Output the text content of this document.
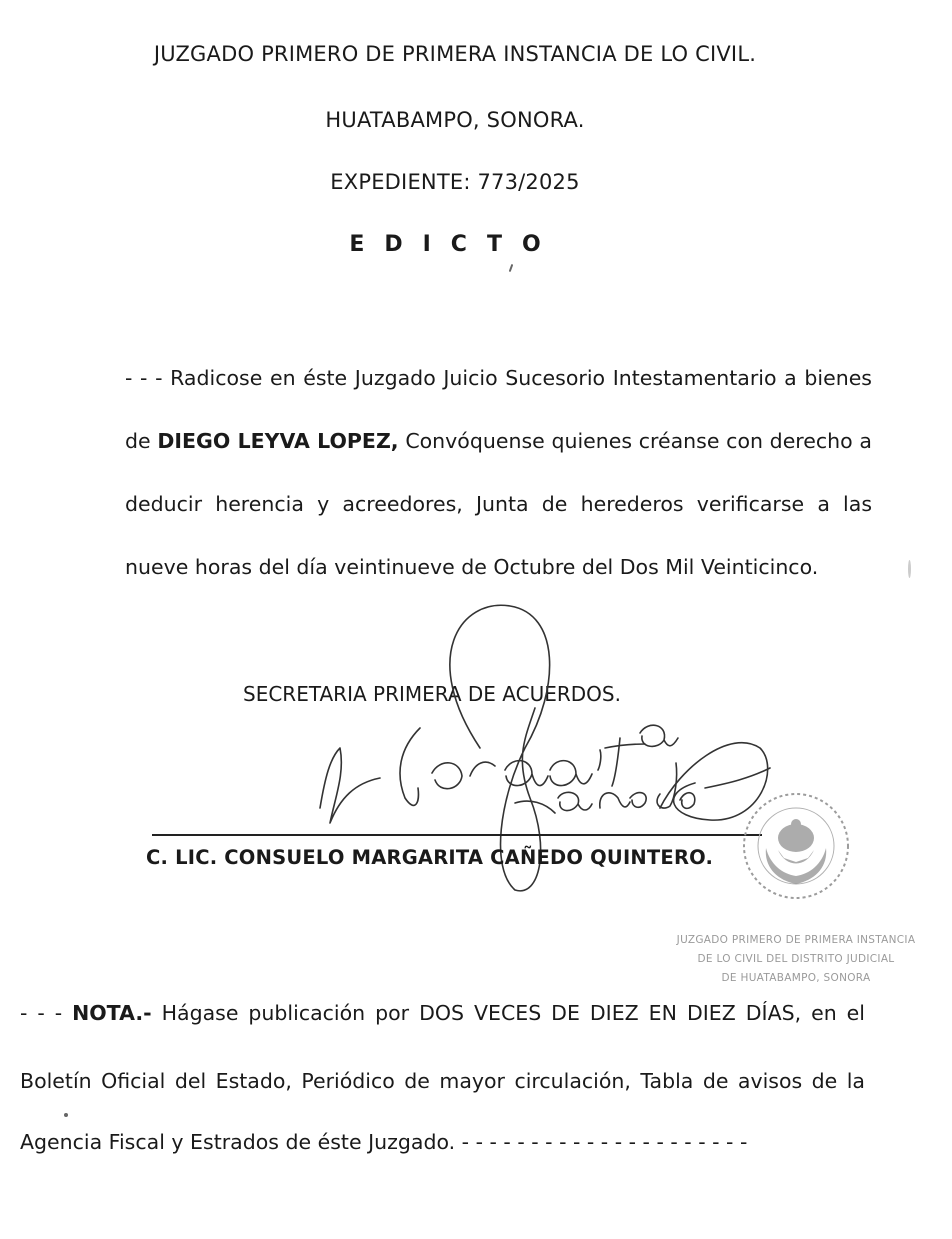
JUZGADO PRIMERO DE PRIMERA INSTANCIA DE LO CIVIL.
HUATABAMPO, SONORA.
EXPEDIENTE: 773/2025
EDICTO
- - - Radicose en éste Juzgado Juicio Sucesorio Intestamentario a bienes
de DIEGO LEYVA LOPEZ, Convóquense quienes créanse con derecho a
deducir herencia y acreedores, Junta de herederos verificarse a las
nueve horas del día veintinueve de Octubre del Dos Mil Veinticinco.
SECRETARIA PRIMERA DE ACUERDOS.
C. LIC. CONSUELO MARGARITA CAÑEDO QUINTERO.
JUZGADO PRIMERO DE PRIMERA INSTANCIA
DE LO CIVIL DEL DISTRITO JUDICIAL
DE HUATABAMPO, SONORA
- - - NOTA.- Hágase publicación por DOS VECES DE DIEZ EN DIEZ DÍAS, en el
Boletín Oficial del Estado, Periódico de mayor circulación, Tabla de avisos de la
Agencia Fiscal y Estrados de éste Juzgado. - - - - - - - - - - - - - - - - - - - - -
